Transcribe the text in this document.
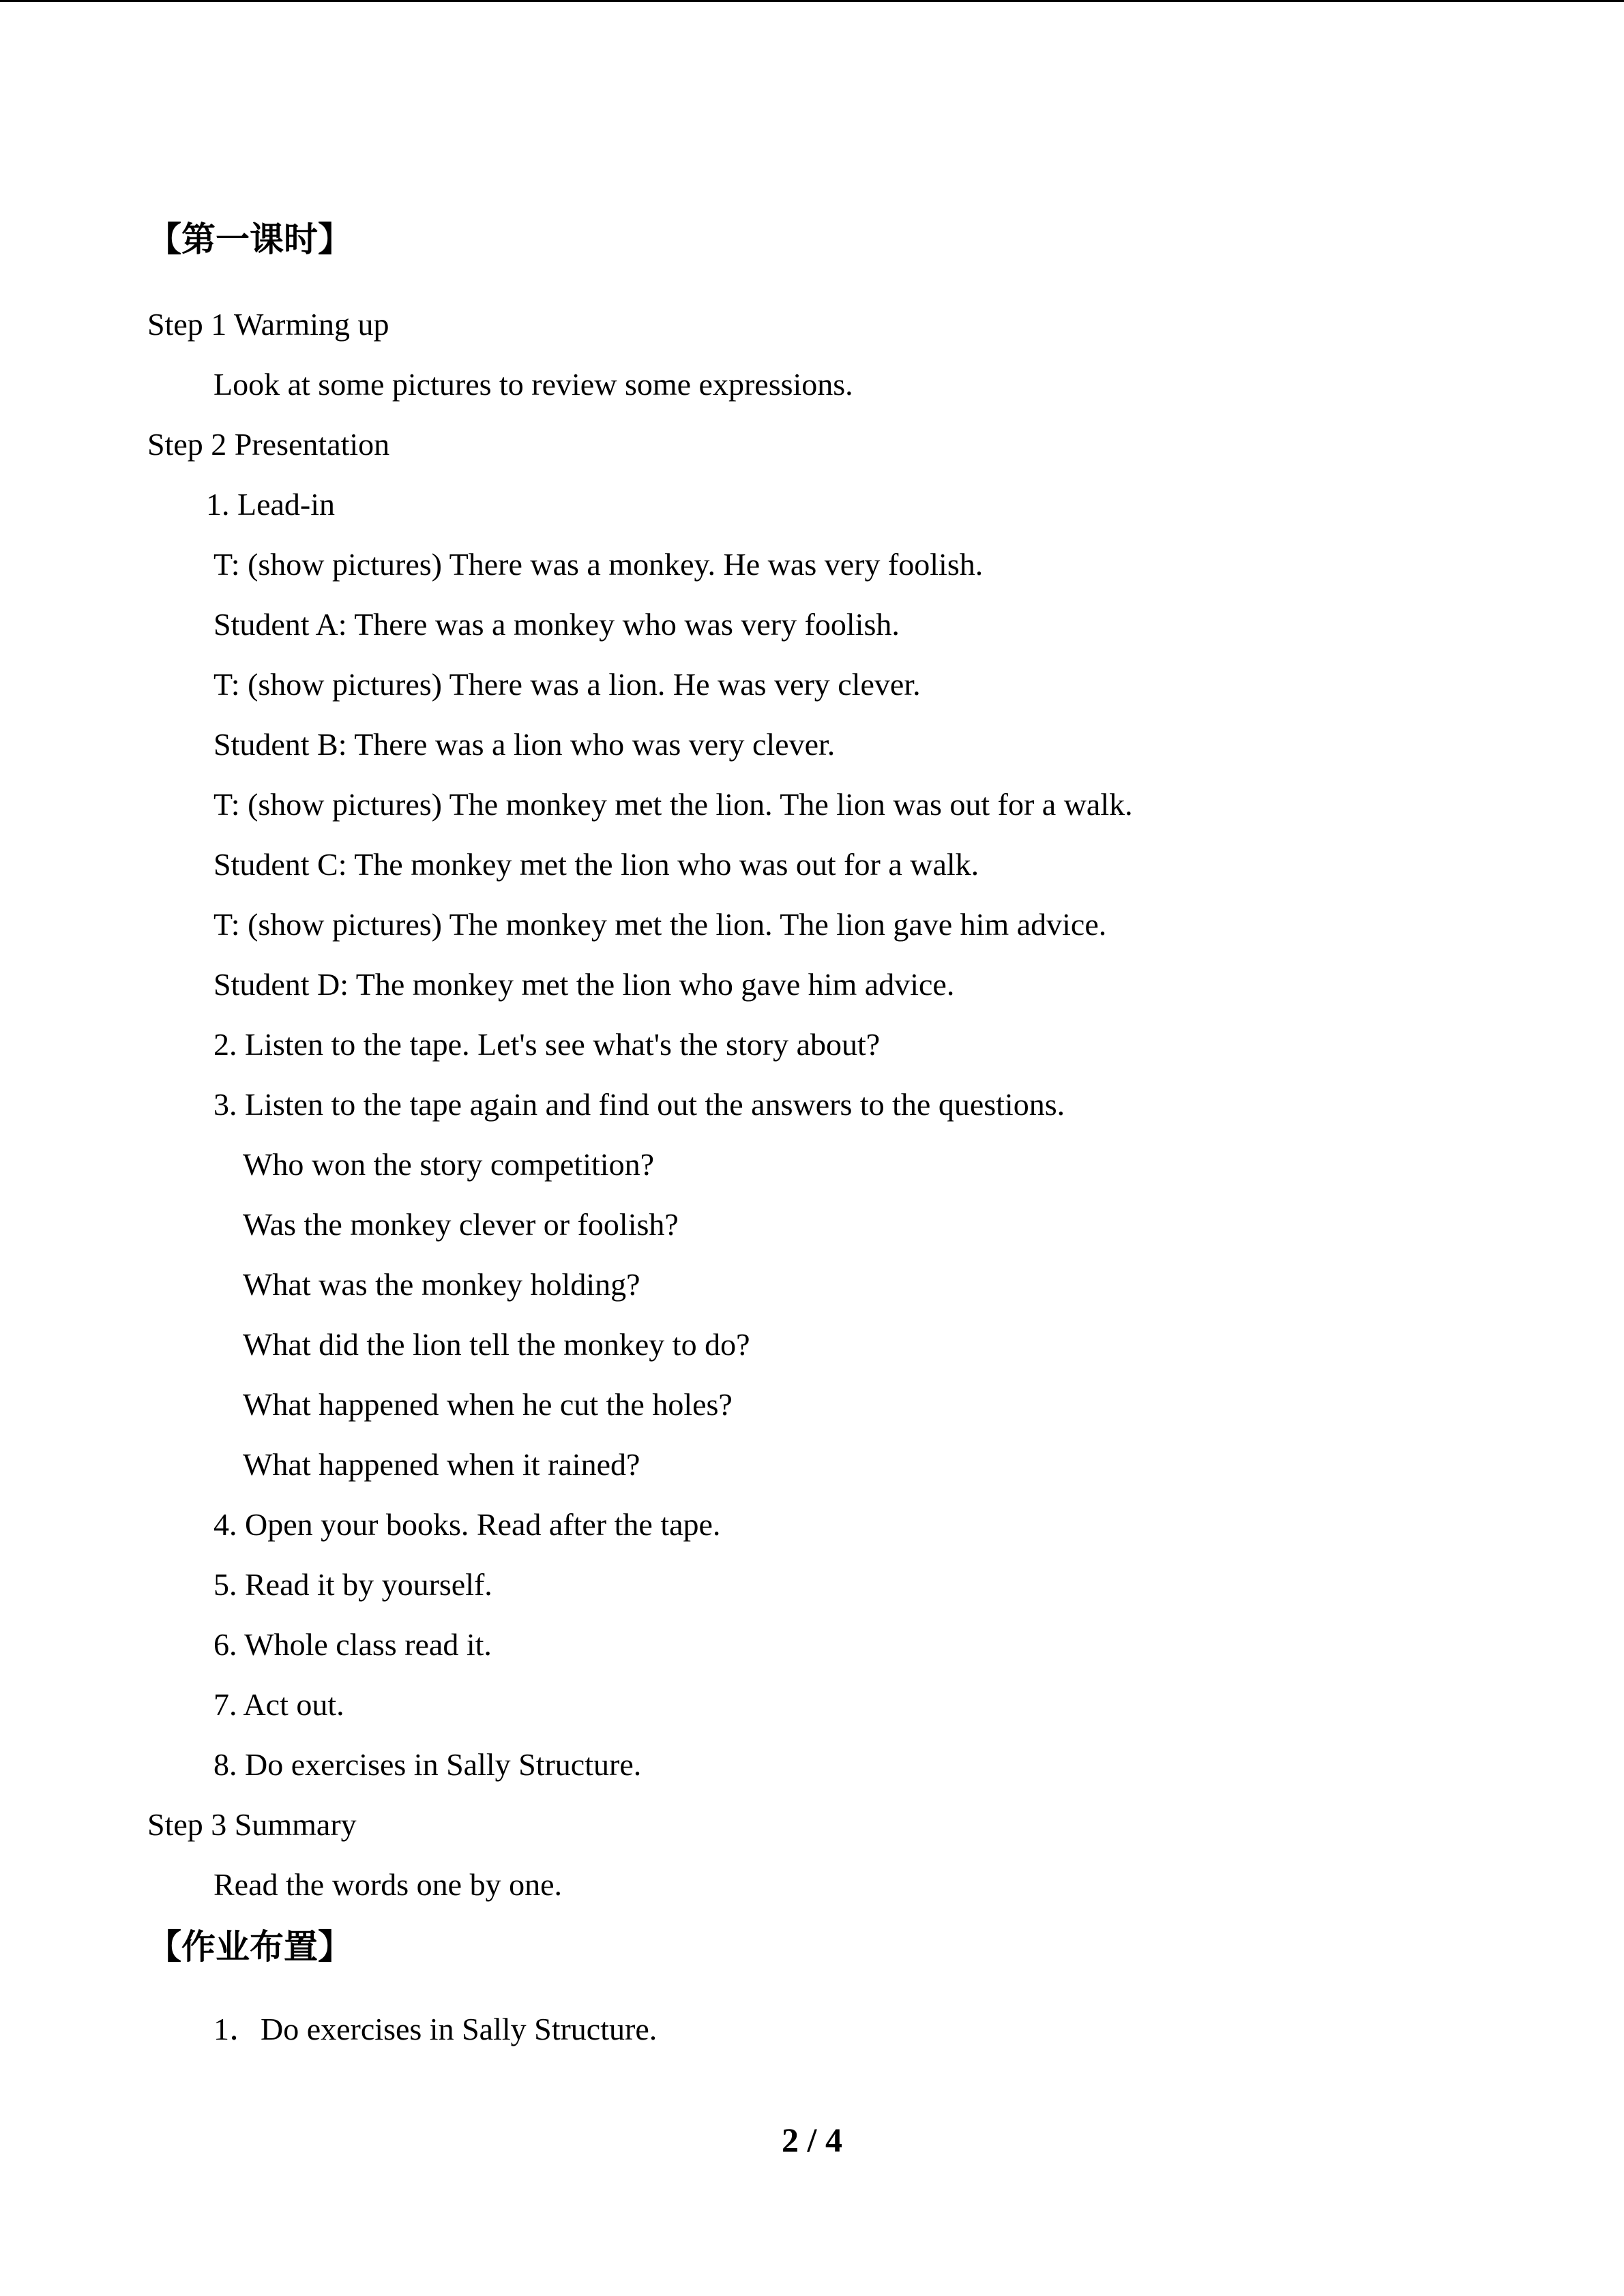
【第一课时】
Step 1 Warming up
Look at some pictures to review some expressions.
Step 2 Presentation
1. Lead-in
T: (show pictures) There was a monkey. He was very foolish.
Student A: There was a monkey who was very foolish.
T: (show pictures) There was a lion. He was very clever.
Student B: There was a lion who was very clever.
T: (show pictures) The monkey met the lion. The lion was out for a walk.
Student C: The monkey met the lion who was out for a walk.
T: (show pictures) The monkey met the lion. The lion gave him advice.
Student D: The monkey met the lion who gave him advice.
2. Listen to the tape. Let's see what's the story about?
3. Listen to the tape again and find out the answers to the questions.
Who won the story competition?
Was the monkey clever or foolish?
What was the monkey holding?
What did the lion tell the monkey to do?
What happened when he cut the holes?
What happened when it rained?
4. Open your books. Read after the tape.
5. Read it by yourself.
6. Whole class read it.
7. Act out.
8. Do exercises in Sally Structure.
Step 3 Summary
Read the words one by one.
【作业布置】
1．Do exercises in Sally Structure.
2 / 4
